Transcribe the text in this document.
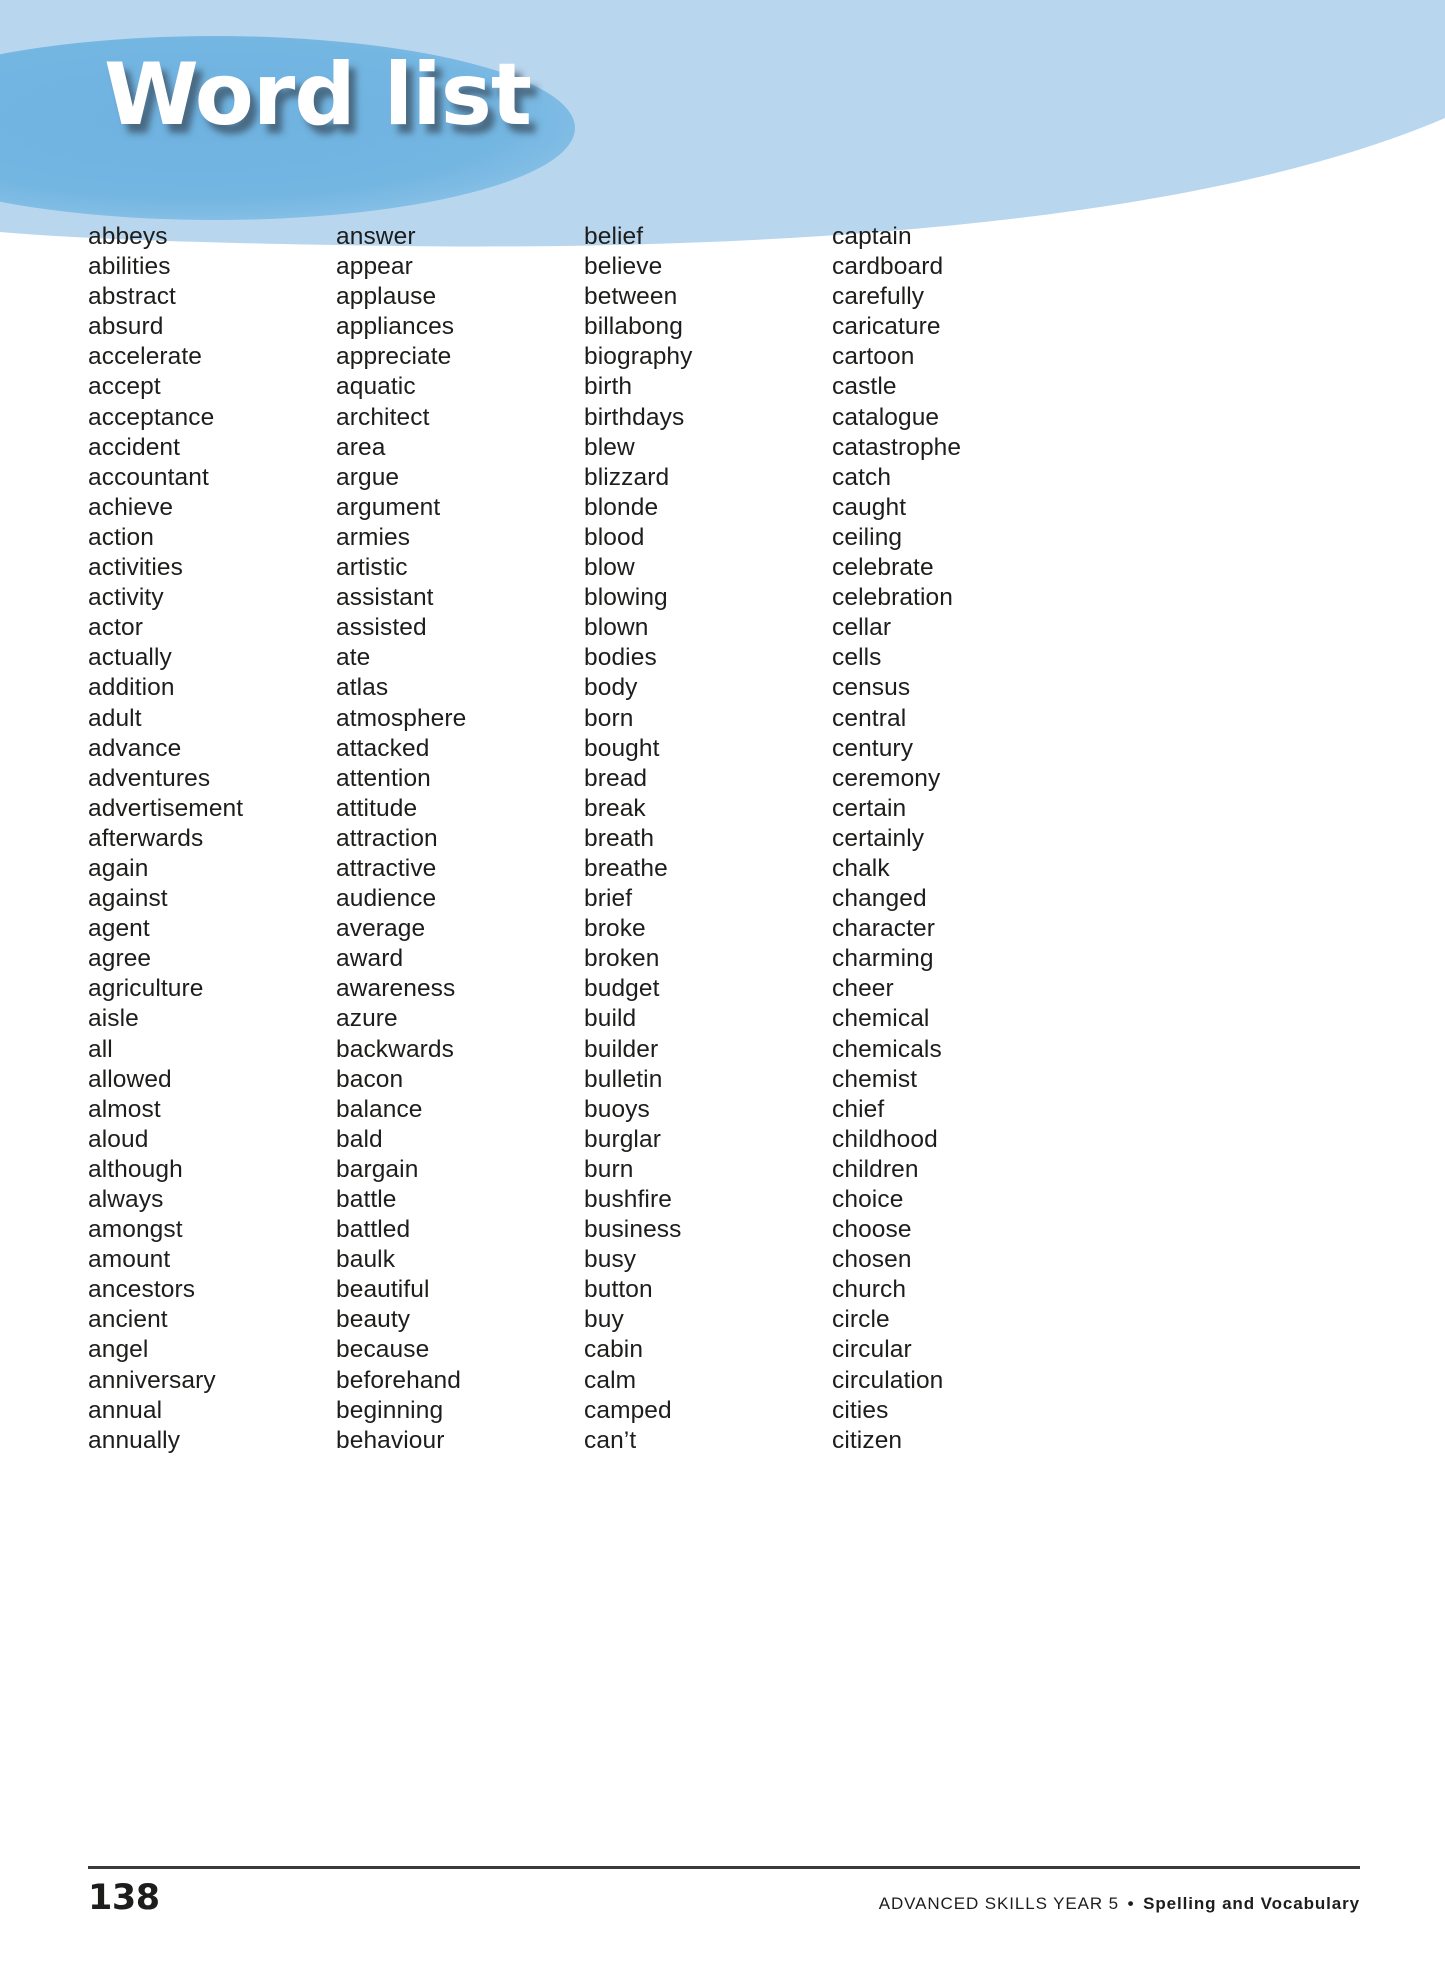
Word list
abbeys
abilities
abstract
absurd
accelerate
accept
acceptance
accident
accountant
achieve
action
activities
activity
actor
actually
addition
adult
advance
adventures
advertisement
afterwards
again
against
agent
agree
agriculture
aisle
all
allowed
almost
aloud
although
always
amongst
amount
ancestors
ancient
angel
anniversary
annual
annually
answer
appear
applause
appliances
appreciate
aquatic
architect
area
argue
argument
armies
artistic
assistant
assisted
ate
atlas
atmosphere
attacked
attention
attitude
attraction
attractive
audience
average
award
awareness
azure
backwards
bacon
balance
bald
bargain
battle
battled
baulk
beautiful
beauty
because
beforehand
beginning
behaviour
belief
believe
between
billabong
biography
birth
birthdays
blew
blizzard
blonde
blood
blow
blowing
blown
bodies
body
born
bought
bread
break
breath
breathe
brief
broke
broken
budget
build
builder
bulletin
buoys
burglar
burn
bushfire
business
busy
button
buy
cabin
calm
camped
can’t
captain
cardboard
carefully
caricature
cartoon
castle
catalogue
catastrophe
catch
caught
ceiling
celebrate
celebration
cellar
cells
census
central
century
ceremony
certain
certainly
chalk
changed
character
charming
cheer
chemical
chemicals
chemist
chief
childhood
children
choice
choose
chosen
church
circle
circular
circulation
cities
citizen
138	ADVANCED SKILLS YEAR 5 • Spelling and Vocabulary
